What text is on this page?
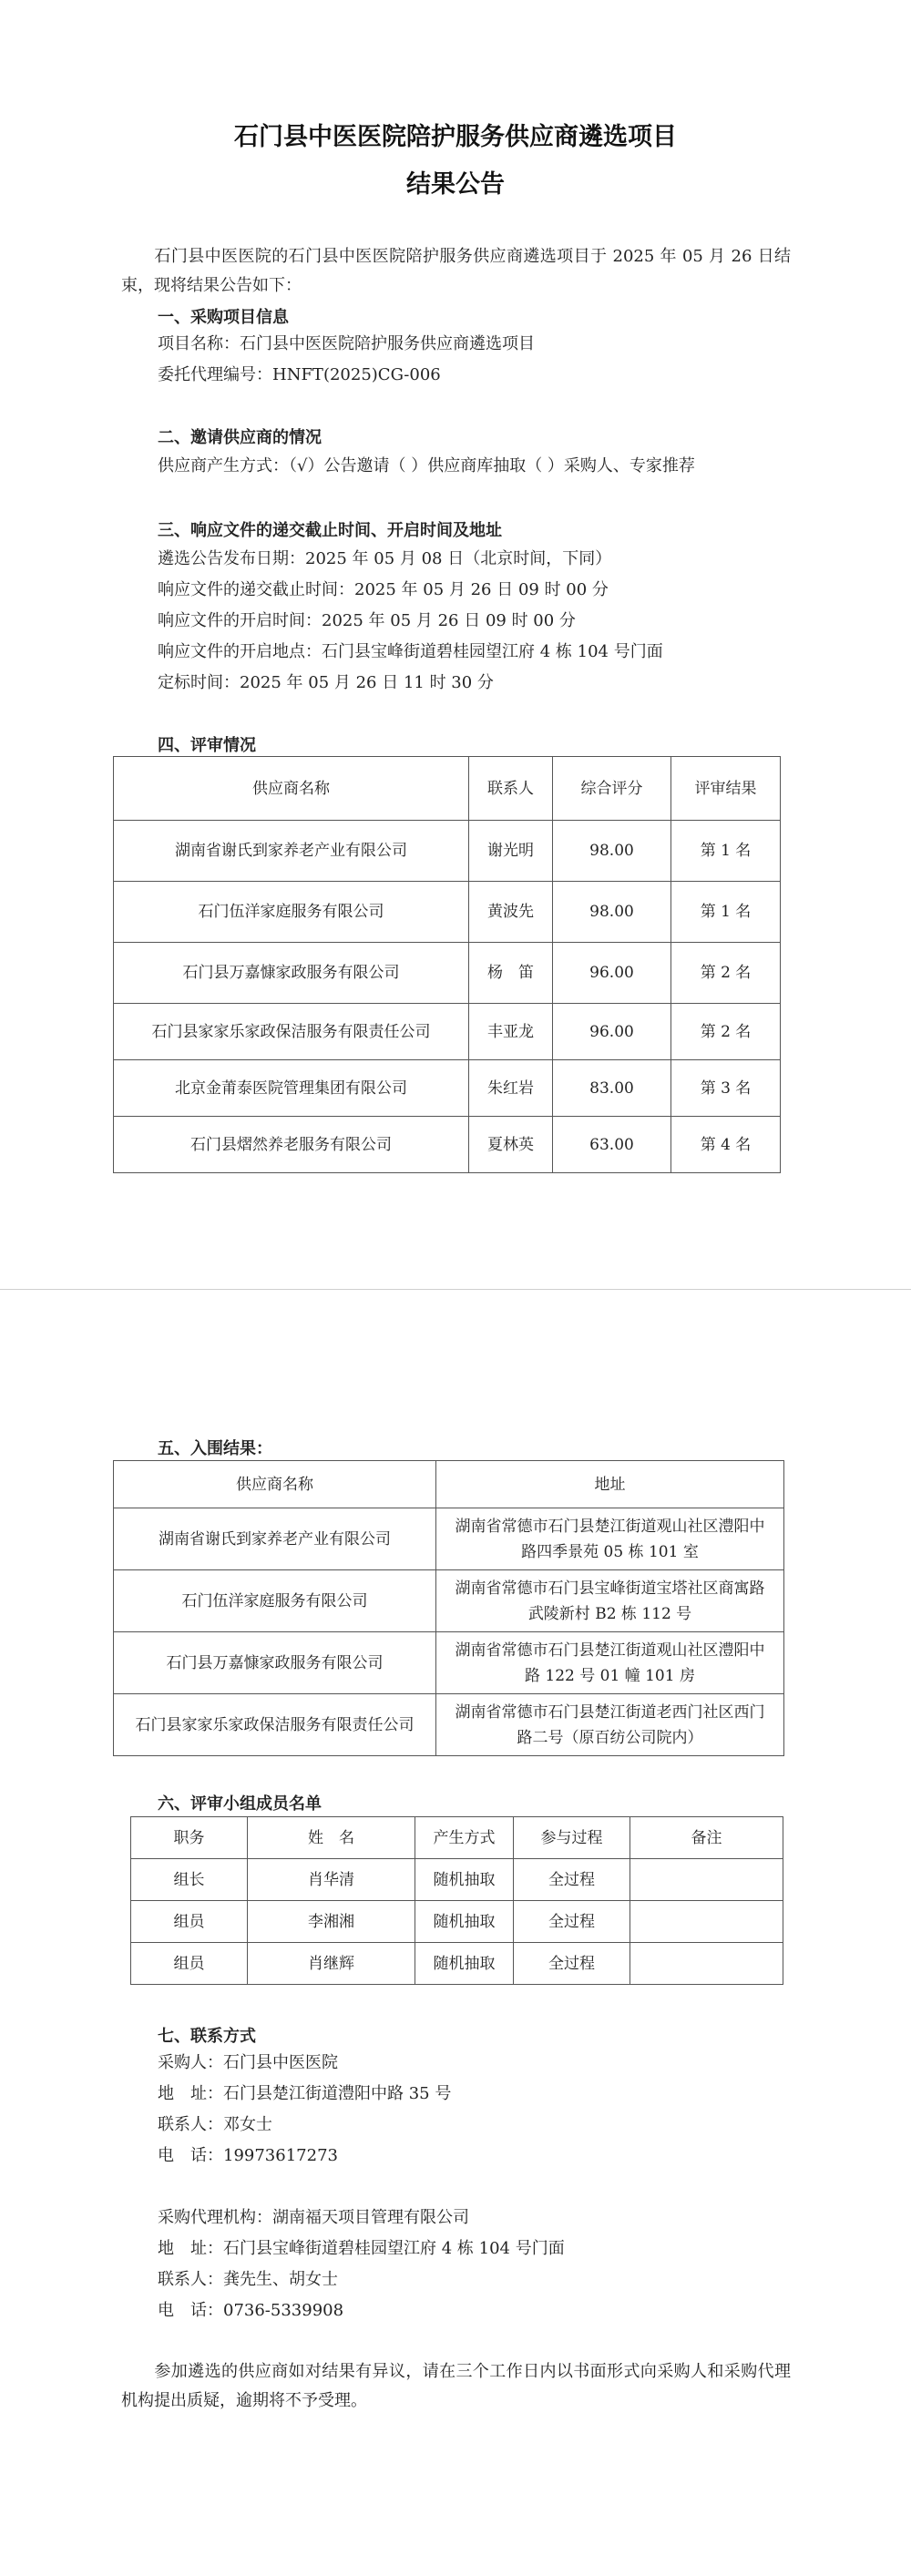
石门县中医医院陪护服务供应商遴选项目
结果公告
石门县中医医院的石门县中医医院陪护服务供应商遴选项目于 2025 年 05 月 26 日结束，现将结果公告如下：
一、采购项目信息
项目名称：石门县中医医院陪护服务供应商遴选项目
委托代理编号：HNFT(2025)CG-006
二、邀请供应商的情况
供应商产生方式：（√）公告邀请（ ）供应商库抽取（ ）采购人、专家推荐
三、响应文件的递交截止时间、开启时间及地址
遴选公告发布日期：2025 年 05 月 08 日（北京时间，下同）
响应文件的递交截止时间：2025 年 05 月 26 日 09 时 00 分
响应文件的开启时间：2025 年 05 月 26 日 09 时 00 分
响应文件的开启地点：石门县宝峰街道碧桂园望江府 4 栋 104 号门面
定标时间：2025 年 05 月 26 日 11 时 30 分
四、评审情况
供应商名称	联系人	综合评分	评审结果
湖南省谢氏到家养老产业有限公司	谢光明	98.00	第 1 名
石门伍洋家庭服务有限公司	黄波先	98.00	第 1 名
石门县万嘉慷家政服务有限公司	杨　笛	96.00	第 2 名
石门县家家乐家政保洁服务有限责任公司	丰亚龙	96.00	第 2 名
北京金莆泰医院管理集团有限公司	朱红岩	83.00	第 3 名
石门县熠然养老服务有限公司	夏林英	63.00	第 4 名
五、入围结果：
供应商名称	地址
湖南省谢氏到家养老产业有限公司	湖南省常德市石门县楚江街道观山社区澧阳中
路四季景苑 05 栋 101 室

石门伍洋家庭服务有限公司	湖南省常德市石门县宝峰街道宝塔社区商寓路
武陵新村 B2 栋 112 号

石门县万嘉慷家政服务有限公司	湖南省常德市石门县楚江街道观山社区澧阳中
路 122 号 01 幢 101 房

石门县家家乐家政保洁服务有限责任公司	湖南省常德市石门县楚江街道老西门社区西门
路二号（原百纺公司院内）
六、评审小组成员名单
职务	姓　名	产生方式	参与过程	备注
组长	肖华清	随机抽取	全过程	
组员	李湘湘	随机抽取	全过程	
组员	肖继辉	随机抽取	全过程	
七、联系方式
采购人：石门县中医医院
地　址：石门县楚江街道澧阳中路 35 号
联系人：邓女士
电　话：19973617273
采购代理机构：湖南福天项目管理有限公司
地　址：石门县宝峰街道碧桂园望江府 4 栋 104 号门面
联系人：龚先生、胡女士
电　话：0736-5339908
参加遴选的供应商如对结果有异议，请在三个工作日内以书面形式向采购人和采购代理机构提出质疑，逾期将不予受理。
